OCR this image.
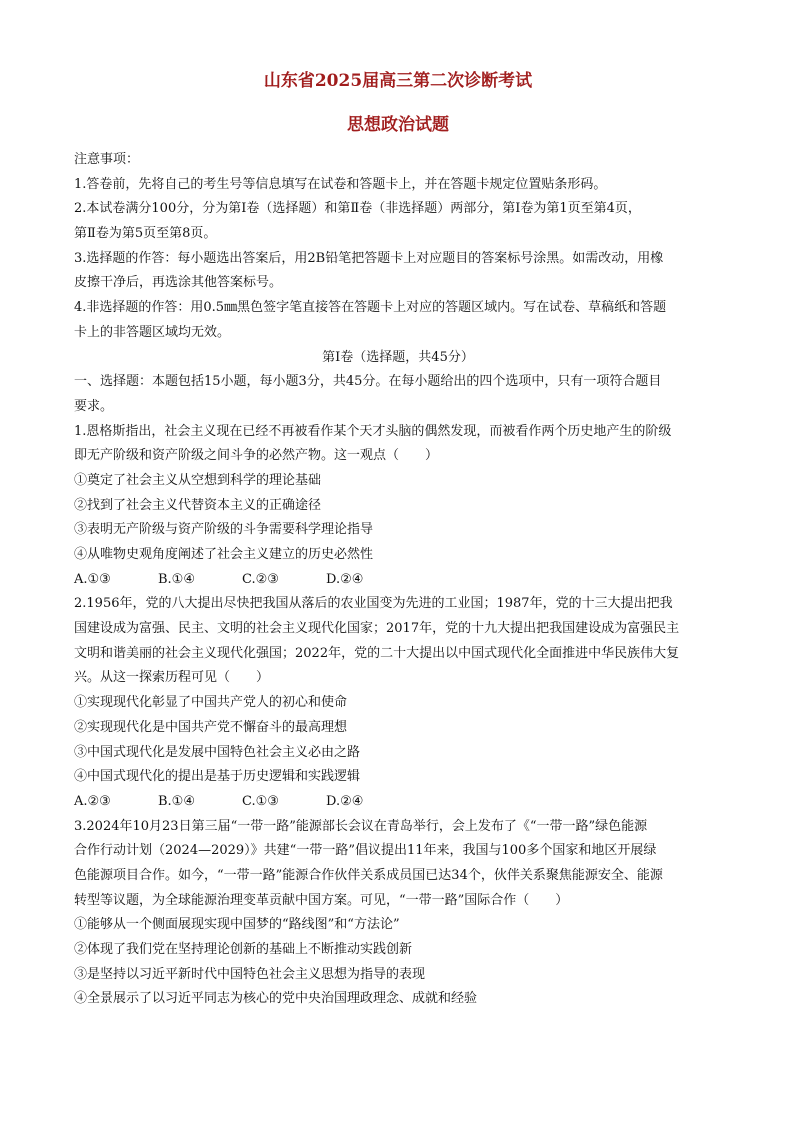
山东省2025届高三第二次诊断考试
思想政治试题
注意事项：
1.答卷前，先将自己的考生号等信息填写在试卷和答题卡上，并在答题卡规定位置贴条形码。
2.本试卷满分100分，分为第Ⅰ卷（选择题）和第Ⅱ卷（非选择题）两部分，第Ⅰ卷为第1页至第4页，
第Ⅱ卷为第5页至第8页。
3.选择题的作答：每小题选出答案后，用2B铅笔把答题卡上对应题目的答案标号涂黑。如需改动，用橡
皮擦干净后，再选涂其他答案标号。
4.非选择题的作答：用0.5㎜黑色签字笔直接答在答题卡上对应的答题区域内。写在试卷、草稿纸和答题
卡上的非答题区域均无效。
第Ⅰ卷（选择题，共45分）
一、选择题：本题包括15小题，每小题3分，共45分。在每小题给出的四个选项中，只有一项符合题目
要求。
1.恩格斯指出，社会主义现在已经不再被看作某个天才头脑的偶然发现，而被看作两个历史地产生的阶级
即无产阶级和资产阶级之间斗争的必然产物。这一观点（　　）
①奠定了社会主义从空想到科学的理论基础
②找到了社会主义代替资本主义的正确途径
③表明无产阶级与资产阶级的斗争需要科学理论指导
④从唯物史观角度阐述了社会主义建立的历史必然性
A.①③	B.①④	C.②③	D.②④
2.1956年，党的八大提出尽快把我国从落后的农业国变为先进的工业国；1987年，党的十三大提出把我
国建设成为富强、民主、文明的社会主义现代化国家；2017年，党的十九大提出把我国建设成为富强民主
文明和谐美丽的社会主义现代化强国；2022年，党的二十大提出以中国式现代化全面推进中华民族伟大复
兴。从这一探索历程可见（　　）
①实现现代化彰显了中国共产党人的初心和使命
②实现现代化是中国共产党不懈奋斗的最高理想
③中国式现代化是发展中国特色社会主义必由之路
④中国式现代化的提出是基于历史逻辑和实践逻辑
A.②③	B.①④	C.①③	D.②④
3.2024年10月23日第三届“一带一路”能源部长会议在青岛举行，会上发布了《“一带一路”绿色能源
合作行动计划（2024—2029）》共建“一带一路”倡议提出11年来，我国与100多个国家和地区开展绿
色能源项目合作。如今，“一带一路”能源合作伙伴关系成员国已达34个，伙伴关系聚焦能源安全、能源
转型等议题，为全球能源治理变革贡献中国方案。可见，“一带一路”国际合作（　　）
①能够从一个侧面展现实现中国梦的“路线图”和“方法论”
②体现了我们党在坚持理论创新的基础上不断推动实践创新
③是坚持以习近平新时代中国特色社会主义思想为指导的表现
④全景展示了以习近平同志为核心的党中央治国理政理念、成就和经验
